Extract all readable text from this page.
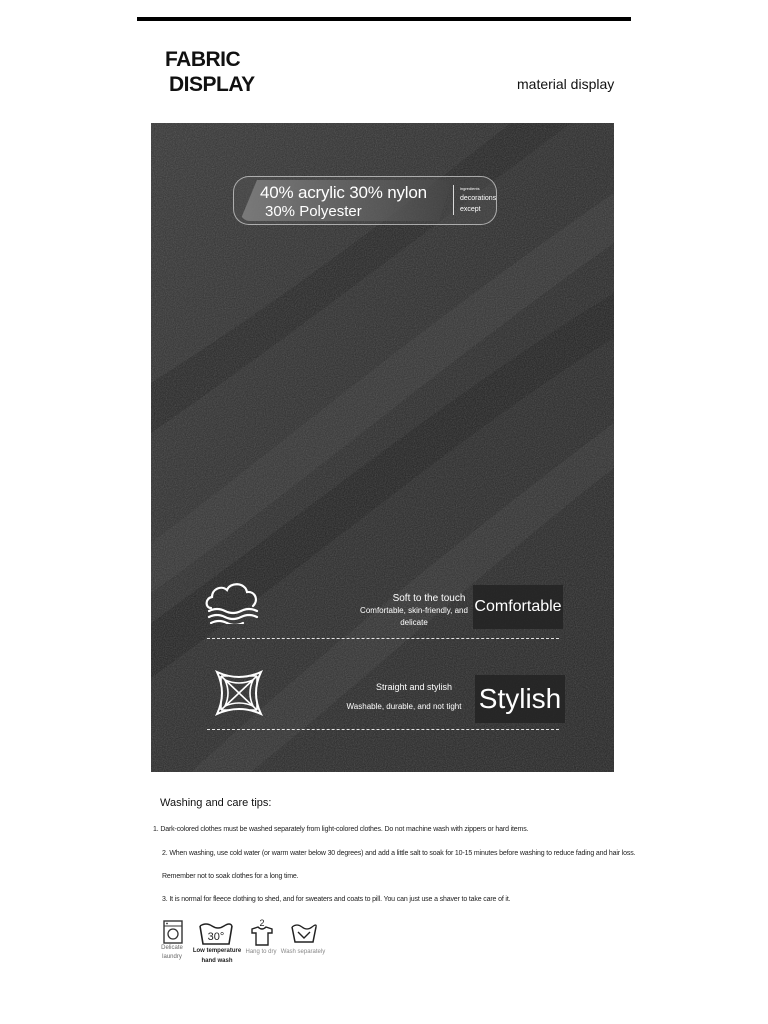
FABRIC
DISPLAY	material display
40% acrylic 30% nylon
30% Polyester
ingredients
decorations
except
Soft to the touch
Comfortable, skin-friendly, and
delicate
Comfortable
Straight and stylish
Washable, durable, and not tight Stylish
Washing and care tips:
1. Dark-colored clothes must be washed separately from light-colored clothes. Do not machine wash with zippers or hard items.
2. When washing, use cold water (or warm water below 30 degrees) and add a little salt to soak for 10-15 minutes before washing to reduce fading and hair loss.
Remember not to soak clothes for a long time.
3. It is normal for fleece clothing to shed, and for sweaters and coats to pill. You can just use a shaver to take care of it.
Delicate
laundry
30°
Low temperature
hand wash
2
Hang to dry Wash separately
